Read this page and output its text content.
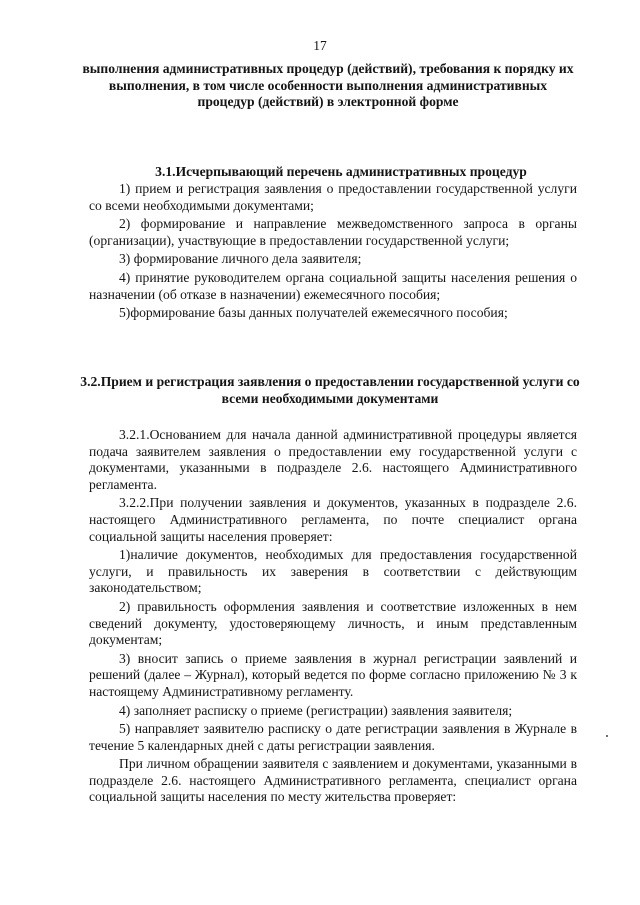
17
выполнения административных процедур (действий), требования к порядку их выполнения, в том числе особенности выполнения административных процедур (действий) в электронной форме
3.1.Исчерпывающий перечень административных процедур

1) прием и регистрация заявления о предоставлении государственной услуги со всеми необходимыми документами;

2) формирование и направление межведомственного запроса в органы (организации), участвующие в предоставлении государственной услуги;

3) формирование личного дела заявителя;

4) принятие руководителем органа социальной защиты населения решения о назначении (об отказе в назначении) ежемесячного пособия;

5)формирование базы данных получателей ежемесячного пособия;

3.2.Прием и регистрация заявления о предоставлении государственной услуги со всеми необходимыми документами

3.2.1.Основанием для начала данной административной процедуры является подача заявителем заявления о предоставлении ему государственной услуги с документами, указанными в подразделе 2.6. настоящего Административного регламента.

3.2.2.При получении заявления и документов, указанных в подразделе 2.6. настоящего Административного регламента, по почте специалист органа социальной защиты населения проверяет:

1)наличие документов, необходимых для предоставления государственной услуги, и правильность их заверения в соответствии с действующим законодательством;

2) правильность оформления заявления и соответствие изложенных в нем сведений документу, удостоверяющему личность, и иным представленным документам;

3) вносит запись о приеме заявления в журнал регистрации заявлений и решений (далее – Журнал), который ведется по форме согласно приложению № 3 к настоящему Административному регламенту.

4) заполняет расписку о приеме (регистрации) заявления заявителя;

5) направляет заявителю расписку о дате регистрации заявления в Журнале в течение 5 календарных дней с даты регистрации заявления.

При личном обращении заявителя с заявлением и документами, указанными в подразделе 2.6. настоящего Административного регламента, специалист органа социальной защиты населения по месту жительства проверяет:
